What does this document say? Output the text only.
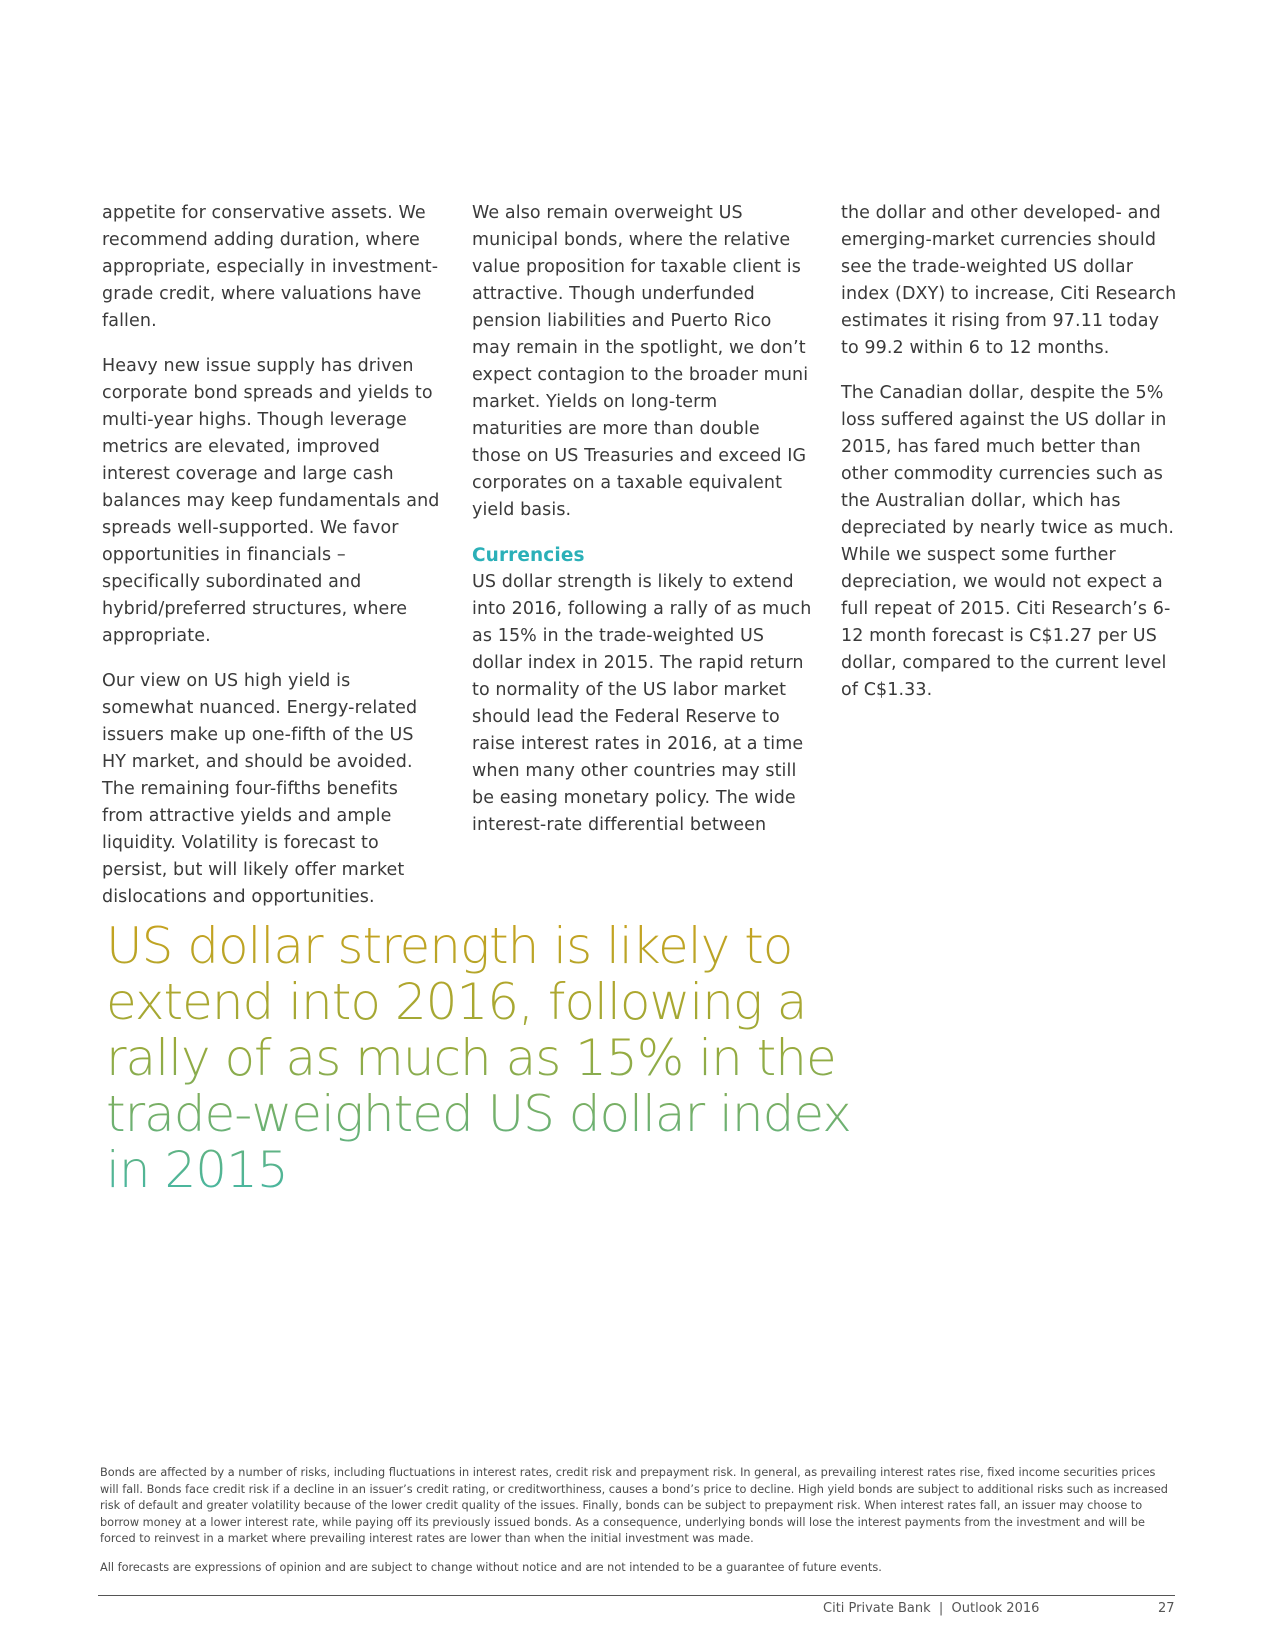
appetite for conservative assets. We recommend adding duration, where appropriate, especially in investment-grade credit, where valuations have fallen.

Heavy new issue supply has driven corporate bond spreads and yields to multi-year highs. Though leverage metrics are elevated, improved interest coverage and large cash balances may keep fundamentals and spreads well-supported. We favor opportunities in financials – specifically subordinated and hybrid/preferred structures, where appropriate.

Our view on US high yield is somewhat nuanced. Energy-related issuers make up one-fifth of the US HY market, and should be avoided. The remaining four-fifths benefits from attractive yields and ample liquidity. Volatility is forecast to persist, but will likely offer market dislocations and opportunities.

We also remain overweight US municipal bonds, where the relative value proposition for taxable client is attractive. Though underfunded pension liabilities and Puerto Rico may remain in the spotlight, we don’t expect contagion to the broader muni market. Yields on long-term maturities are more than double those on US Treasuries and exceed IG corporates on a taxable equivalent yield basis.

Currencies

US dollar strength is likely to extend into 2016, following a rally of as much as 15% in the trade-weighted US dollar index in 2015. The rapid return to normality of the US labor market should lead the Federal Reserve to raise interest rates in 2016, at a time when many other countries may still be easing monetary policy. The wide interest-rate differential between

the dollar and other developed- and emerging-market currencies should see the trade-weighted US dollar index (DXY) to increase, Citi Research estimates it rising from 97.11 today to 99.2 within 6 to 12 months.

The Canadian dollar, despite the 5% loss suffered against the US dollar in 2015, has fared much better than other commodity currencies such as the Australian dollar, which has depreciated by nearly twice as much. While we suspect some further depreciation, we would not expect a full repeat of 2015. Citi Research’s 6-12 month forecast is C$1.27 per US dollar, compared to the current level of C$1.33.

US dollar strength is likely to extend into 2016, following a rally of as much as 15% in the trade-weighted US dollar index in 2015

Bonds are affected by a number of risks, including fluctuations in interest rates, credit risk and prepayment risk. In general, as prevailing interest rates rise, fixed income securities prices will fall. Bonds face credit risk if a decline in an issuer’s credit rating, or creditworthiness, causes a bond’s price to decline. High yield bonds are subject to additional risks such as increased risk of default and greater volatility because of the lower credit quality of the issues. Finally, bonds can be subject to prepayment risk. When interest rates fall, an issuer may choose to borrow money at a lower interest rate, while paying off its previously issued bonds. As a consequence, underlying bonds will lose the interest payments from the investment and will be forced to reinvest in a market where prevailing interest rates are lower than when the initial investment was made.

All forecasts are expressions of opinion and are subject to change without notice and are not intended to be a guarantee of future events.

Citi Private Bank  |  Outlook 2016	27
